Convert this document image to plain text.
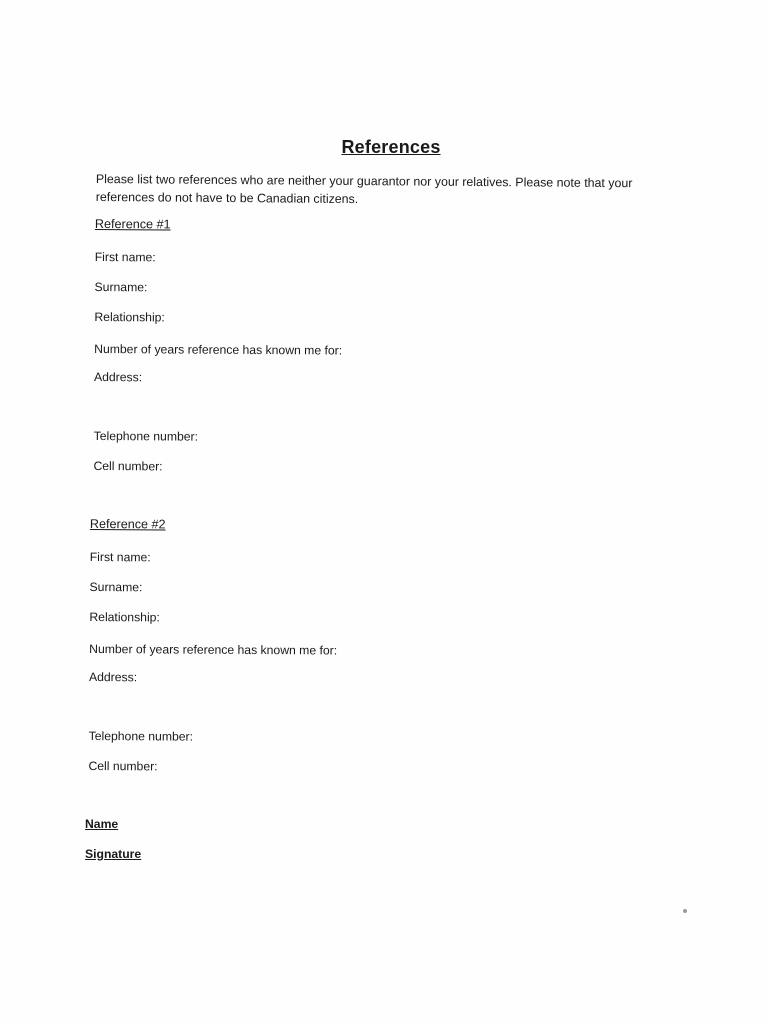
References
Please list two references who are neither your guarantor nor your relatives. Please note that your references do not have to be Canadian citizens.
Reference #1
First name:
Surname:
Relationship:
Number of years reference has known me for:
Address:
Telephone number:
Cell number:
Reference #2
First name:
Surname:
Relationship:
Number of years reference has known me for:
Address:
Telephone number:
Cell number:
Name
Signature
